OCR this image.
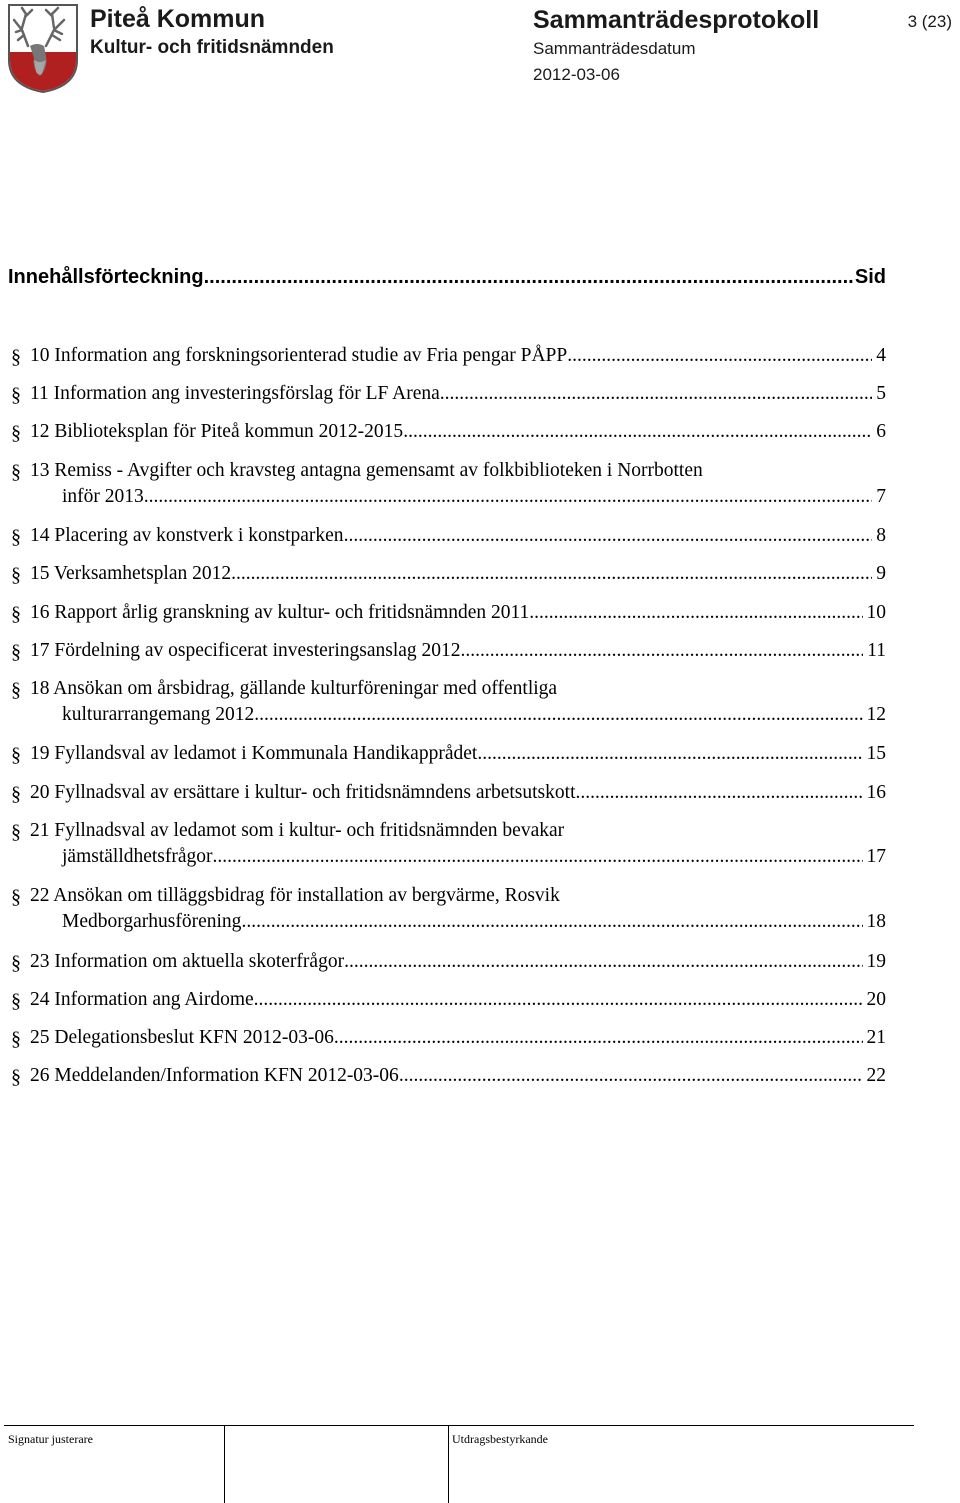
Piteå Kommun
Kultur- och fritidsnämnden
Sammanträdesprotokoll
Sammanträdesdatum
2012-03-06
3 (23)
Innehållsförteckning .....	Sid
§ 10 Information ang forskningsorienterad studie av Fria pengar PÅPP .....	4
§ 11 Information ang investeringsförslag för LF Arena .....	5
§ 12 Biblioteksplan för Piteå kommun 2012-2015 .....	6
§ 13 Remiss - Avgifter och kravsteg antagna gemensamt av folkbiblioteken i Norrbotten
inför 2013 .....	7
§ 14 Placering av konstverk i konstparken .....	8
§ 15 Verksamhetsplan 2012 .....	9
§ 16 Rapport årlig granskning av kultur- och fritidsnämnden 2011 .....	10
§ 17 Fördelning av ospecificerat investeringsanslag 2012 .....	11
§ 18 Ansökan om årsbidrag, gällande kulturföreningar med offentliga
kulturarrangemang 2012 .....	12
§ 19 Fyllandsval av ledamot i Kommunala Handikapprådet .....	15
§ 20 Fyllnadsval av ersättare i kultur- och fritidsnämndens arbetsutskott .....	16
§ 21 Fyllnadsval av ledamot som i kultur- och fritidsnämnden bevakar
jämställdhetsfrågor .....	17
§ 22 Ansökan om tilläggsbidrag för installation av bergvärme, Rosvik
Medborgarhusförening .....	18
§ 23 Information om aktuella skoterfrågor .....	19
§ 24 Information ang Airdome .....	20
§ 25 Delegationsbeslut KFN 2012-03-06 .....	21
§ 26 Meddelanden/Information KFN 2012-03-06 .....	22
Signatur justerare	Utdragsbestyrkande
